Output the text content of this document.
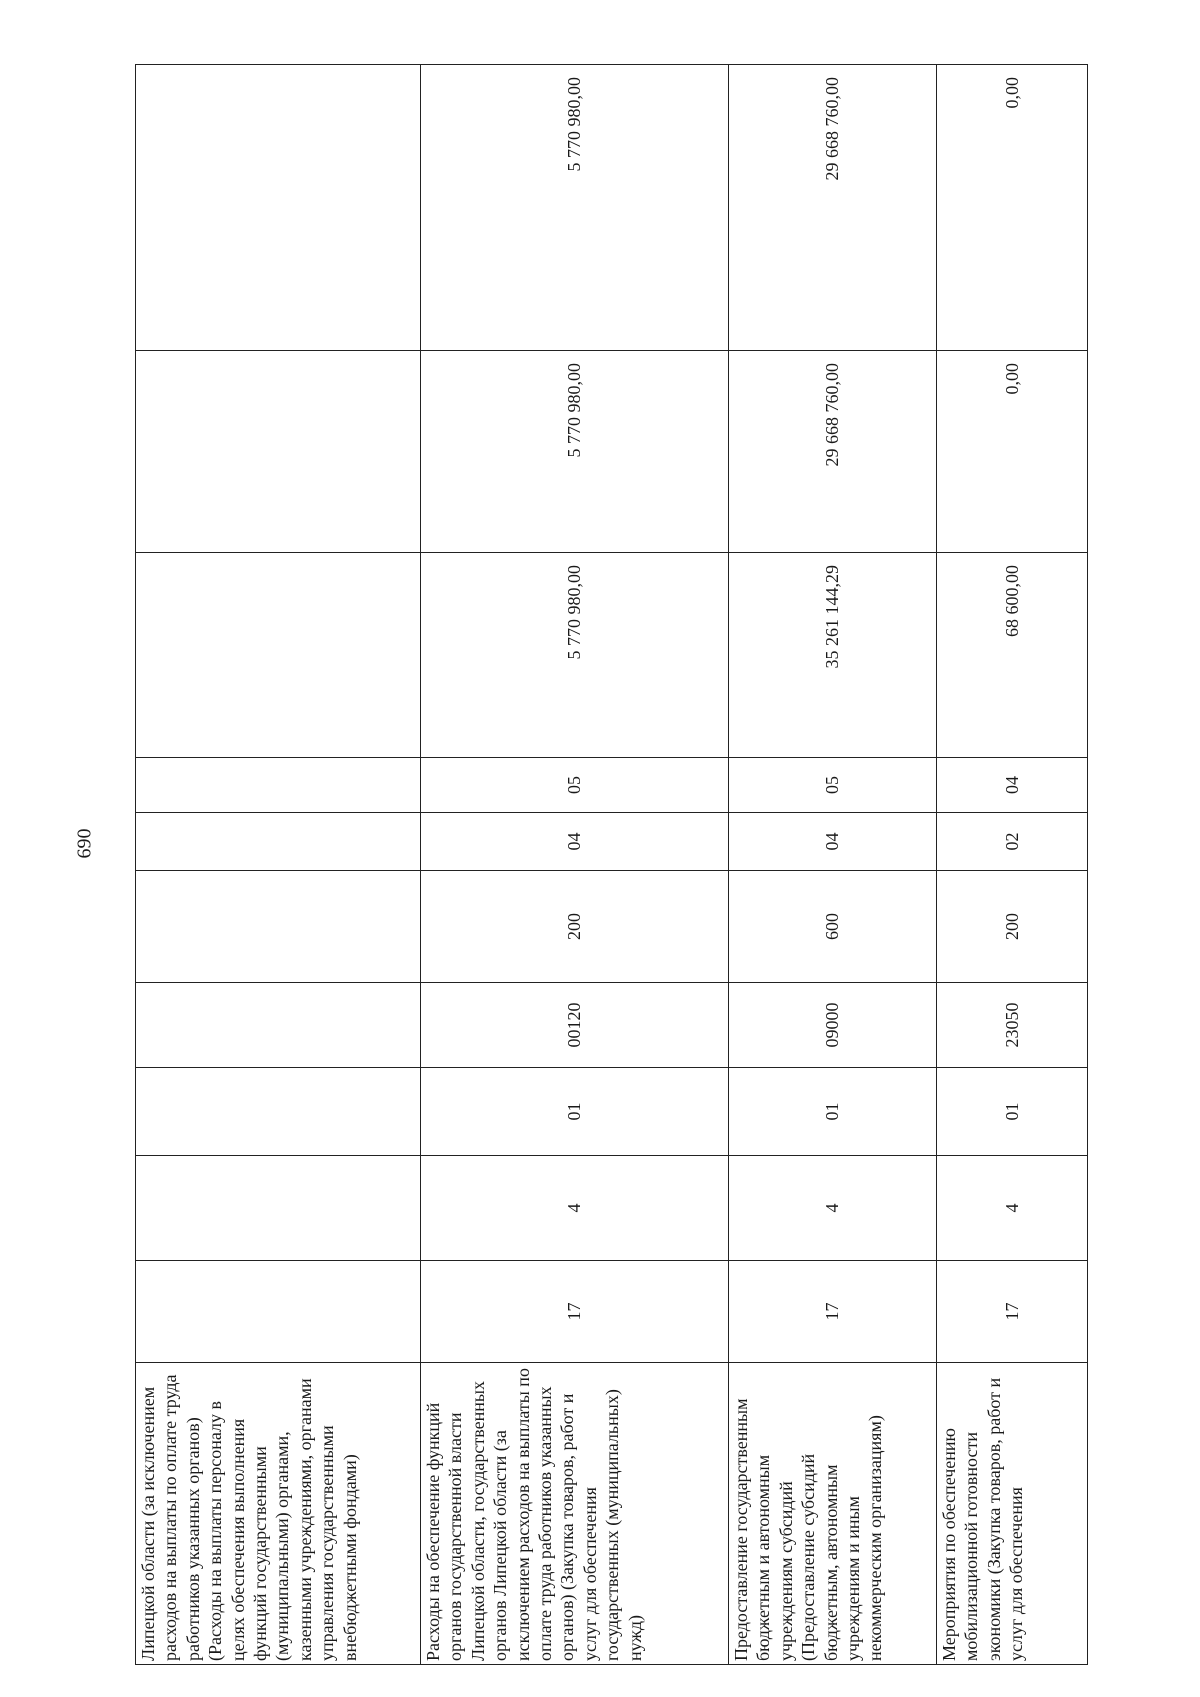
690
Липецкой области (за исключением расходов на выплаты по оплате труда работников указанных органов) (Расходы на выплаты персоналу в целях обеспечения выполнения функций государственными (муниципальными) органами, казенными учреждениями, органами управления государственными внебюджетными фондами)										
Расходы на обеспечение функций органов государственной власти Липецкой области, государственных органов Липецкой области (за исключением расходов на выплаты по оплате труда работников указанных органов) (Закупка товаров, работ и услуг для обеспечения государственных (муниципальных) нужд)	17	4	01	00120	200	04	05	5 770 980,00	5 770 980,00	5 770 980,00
Предоставление государственным бюджетным и автономным учреждениям субсидий (Предоставление субсидий бюджетным, автономным учреждениям и иным некоммерческим организациям)	17	4	01	09000	600	04	05	35 261 144,29	29 668 760,00	29 668 760,00
Мероприятия по обеспечению мобилизационной готовности экономики (Закупка товаров, работ и услуг для обеспечения	17	4	01	23050	200	02	04	68 600,00	0,00	0,00
